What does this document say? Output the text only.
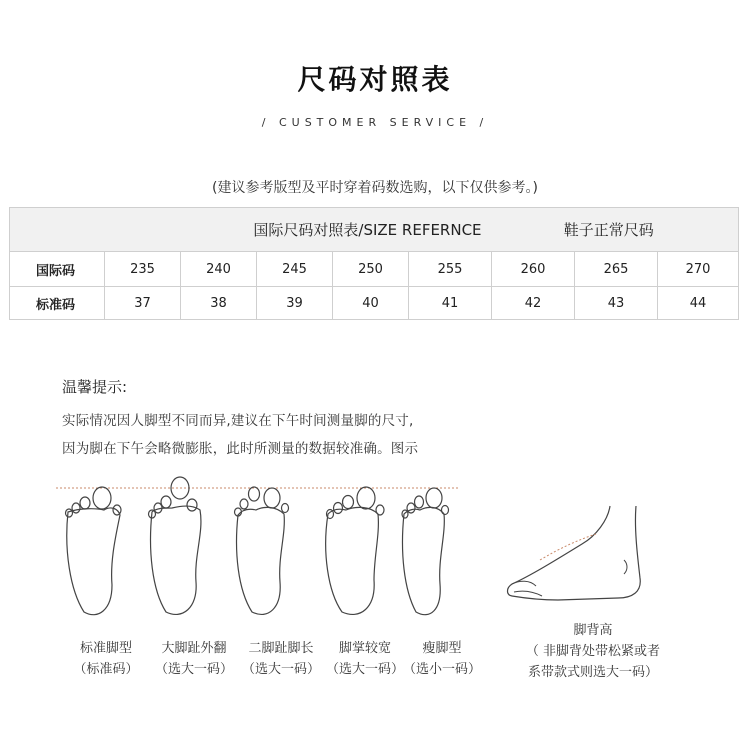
尺码对照表
/ CUSTOMER SERVICE /
(建议参考版型及平时穿着码数选购，以下仅供参考。)
国际尺码对照表/SIZE REFERNCE						鞋子正常尺码		
国际码	235	240	245	250	255	260	265	270
标准码	37	38	39	40	41	42	43	44
温馨提示:
实际情况因人脚型不同而异,建议在下午时间测量脚的尺寸,
因为脚在下午会略微膨胀，此时所测量的数据较准确。图示
标准脚型
（标准码）
大脚趾外翻
（选大一码）
二脚趾脚长
（选大一码）
脚掌较宽
（选大一码）
瘦脚型
（选小一码）
脚背高
（ 非脚背处带松紧或者
系带款式则选大一码）
